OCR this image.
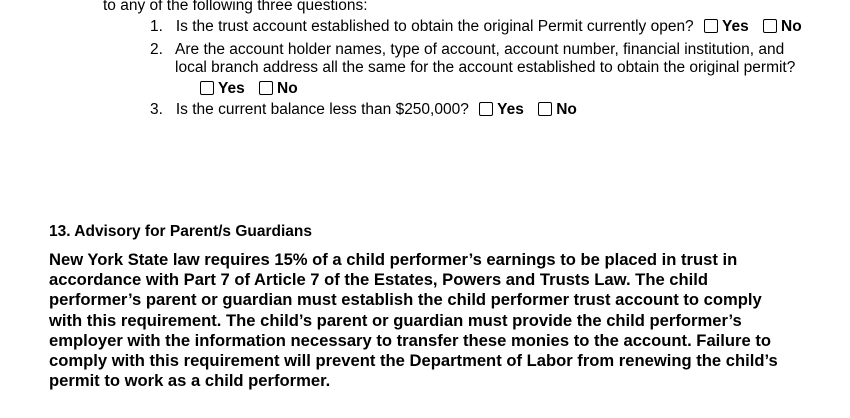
to any of the following three questions:
1. Is the trust account established to obtain the original Permit currently open? Yes No
2. Are the account holder names, type of account, account number, financial institution, and
local branch address all the same for the account established to obtain the original permit?
Yes No
3. Is the current balance less than $250,000? Yes No
13. Advisory for Parent/s Guardians
New York State law requires 15% of a child performer’s earnings to be placed in trust in
accordance with Part 7 of Article 7 of the Estates, Powers and Trusts Law. The child
performer’s parent or guardian must establish the child performer trust account to comply
with this requirement. The child’s parent or guardian must provide the child performer’s
employer with the information necessary to transfer these monies to the account. Failure to
comply with this requirement will prevent the Department of Labor from renewing the child’s
permit to work as a child performer.
